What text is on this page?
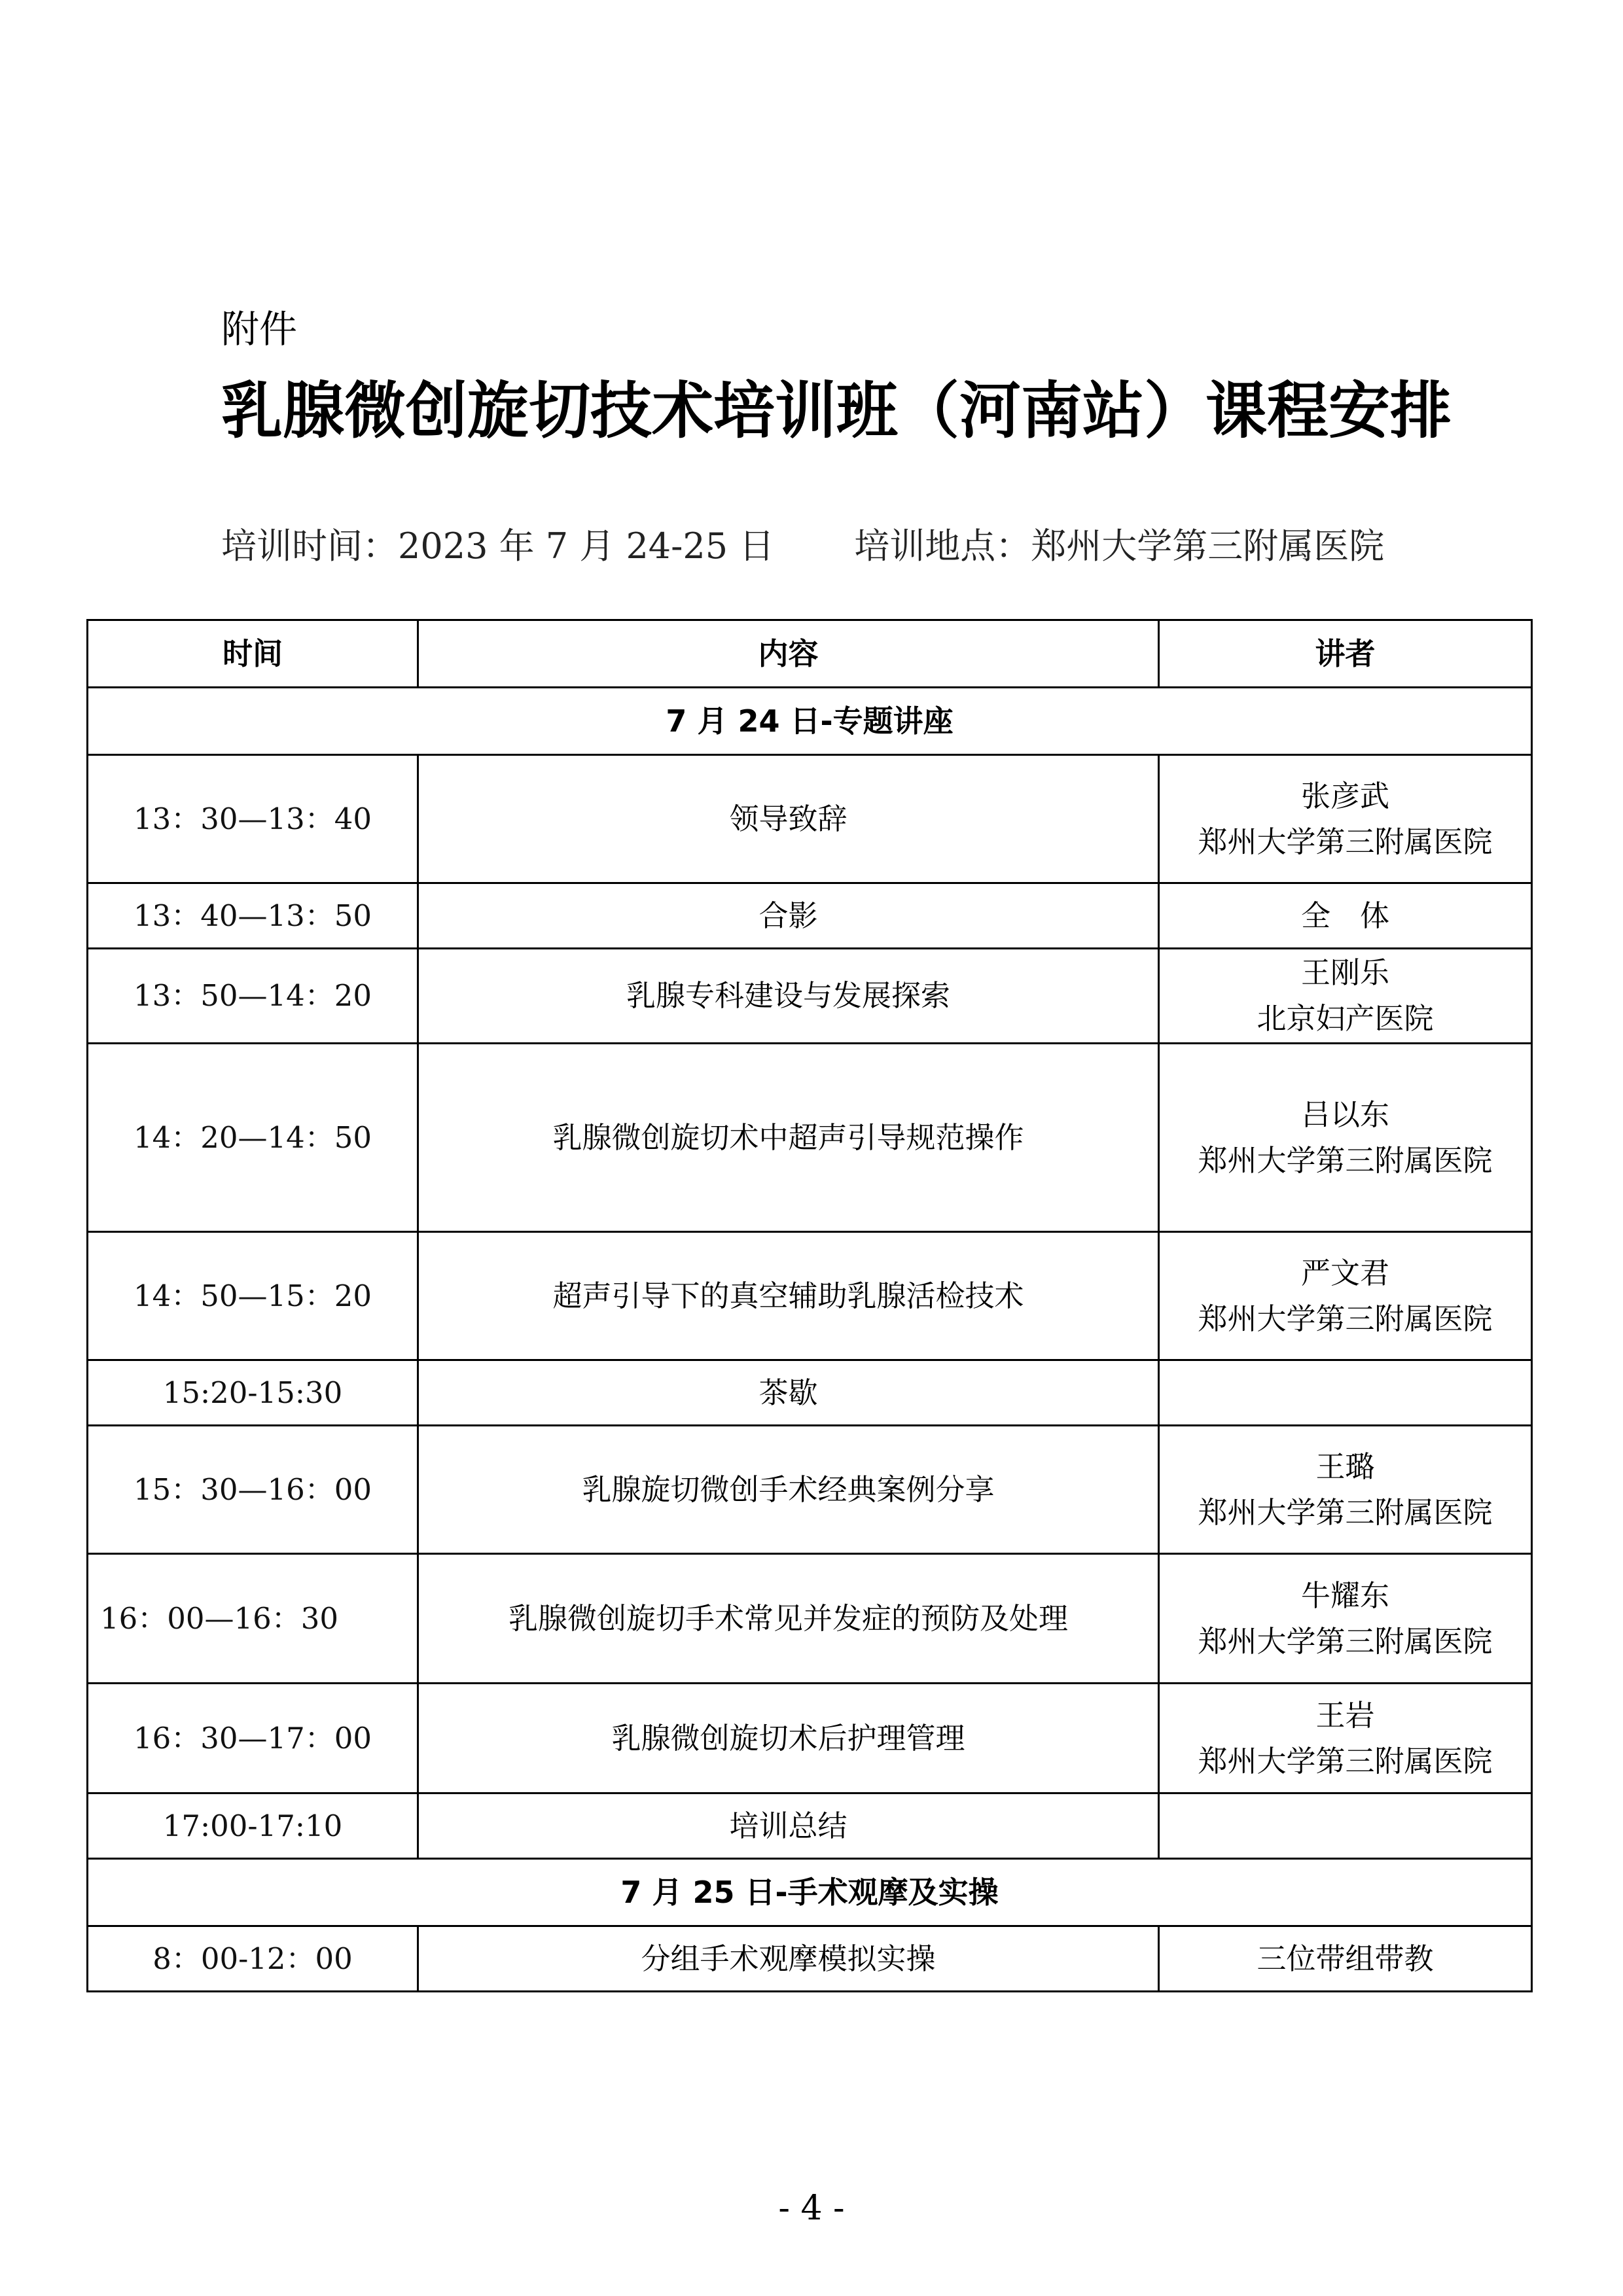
附件
乳腺微创旋切技术培训班（河南站）课程安排
培训时间：2023 年 7 月 24-25 日 培训地点：郑州大学第三附属医院
时间	内容	讲者
7 月 24 日-专题讲座		
13：30—13：40	领导致辞	张彦武
郑州大学第三附属医院

13：40—13：50	合影	全　体

13：50—14：20	乳腺专科建设与发展探索	王刚乐
北京妇产医院

14：20—14：50	乳腺微创旋切术中超声引导规范操作	吕以东
郑州大学第三附属医院

14：50—15：20	超声引导下的真空辅助乳腺活检技术	严文君
郑州大学第三附属医院

15:20-15:30	茶歇	
15：30—16：00	乳腺旋切微创手术经典案例分享	王璐
郑州大学第三附属医院

16：00—16：30	乳腺微创旋切手术常见并发症的预防及处理	牛耀东
郑州大学第三附属医院

16：30—17：00	乳腺微创旋切术后护理管理	王岩
郑州大学第三附属医院

17:00-17:10	培训总结	
7 月 25 日-手术观摩及实操		
8：00-12：00	分组手术观摩模拟实操	三位带组带教
- 4 -
